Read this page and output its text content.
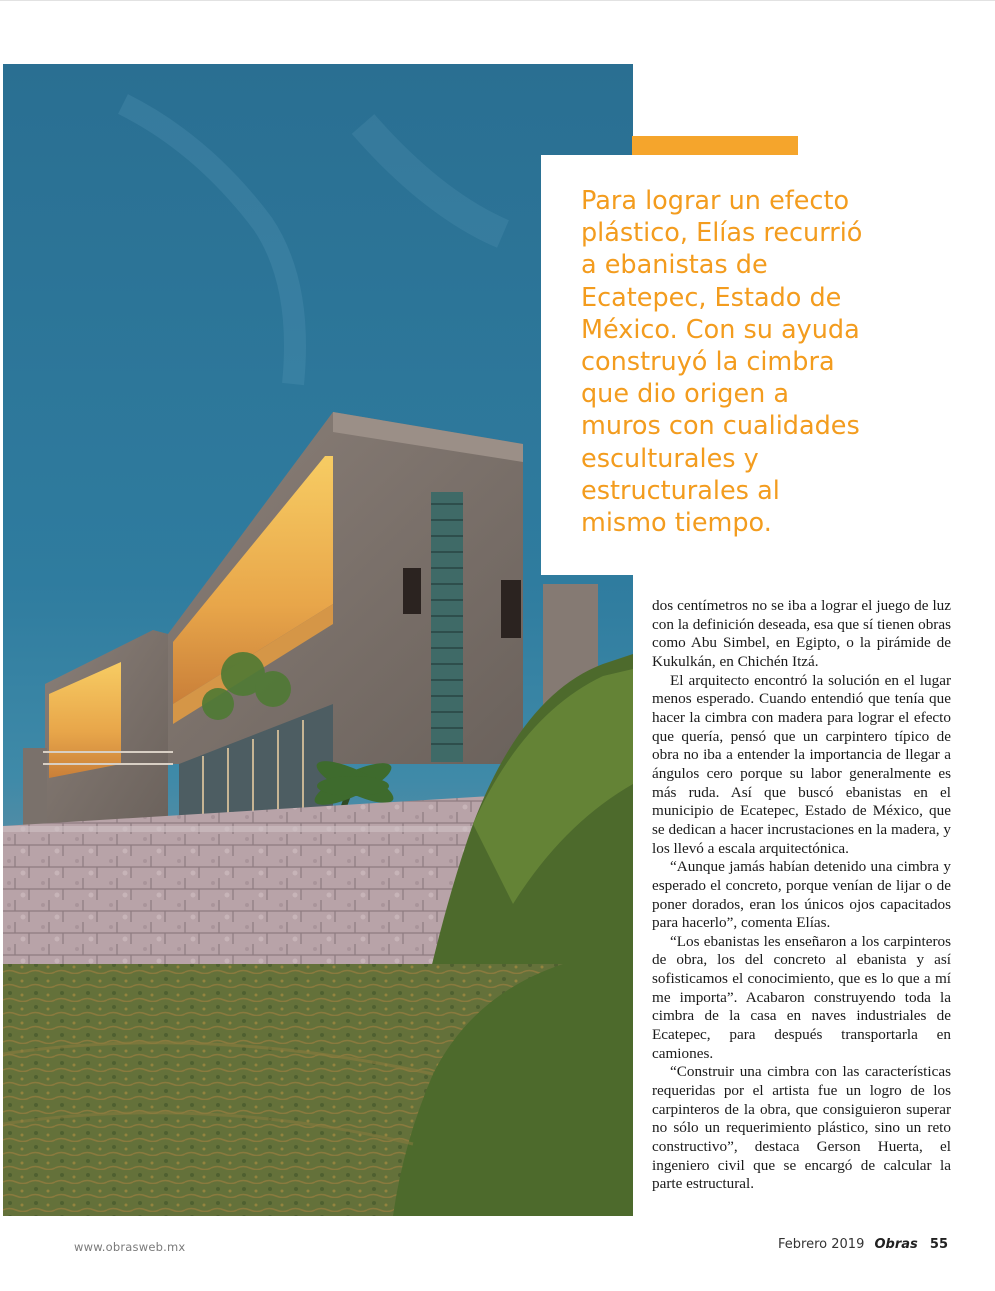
Para lograr un efecto
plástico, Elías recurrió
a ebanistas de
Ecatepec, Estado de
México. Con su ayuda
construyó la cimbra
que dio origen a
muros con cualidades
esculturales y
estructurales al
mismo tiempo.

dos centímetros no se iba a lograr el juego de luz con la definición deseada, esa que sí tienen obras como Abu Simbel, en Egipto, o la pirámide de Kukulkán, en Chichén Itzá.

El arquitecto encontró la solución en el lugar menos esperado. Cuando entendió que tenía que hacer la cimbra con madera para lograr el efecto que quería, pensó que un carpintero típico de obra no iba a entender la importancia de llegar a ángulos cero porque su labor generalmente es más ruda. Así que buscó ebanistas en el municipio de Ecatepec, Estado de México, que se dedican a hacer incrustaciones en la madera, y los llevó a escala arquitectónica.

“Aunque jamás habían detenido una cimbra y esperado el concreto, porque venían de lijar o de poner dorados, eran los únicos ojos capacitados para hacerlo”, comenta Elías.

“Los ebanistas les enseñaron a los carpinteros de obra, los del concreto al ebanista y así sofisticamos el conocimiento, que es lo que a mí me importa”. Acabaron construyendo toda la cimbra de la casa en naves industriales de Ecatepec, para después transportarla en camiones.

“Construir una cimbra con las características requeridas por el artista fue un logro de los carpinteros de la obra, que consiguieron superar no sólo un requerimiento plástico, sino un reto constructivo”, destaca Gerson Huerta, el ingeniero civil que se encargó de calcular la parte estructural.

www.obrasweb.mx	Febrero 2019 Obras 55
